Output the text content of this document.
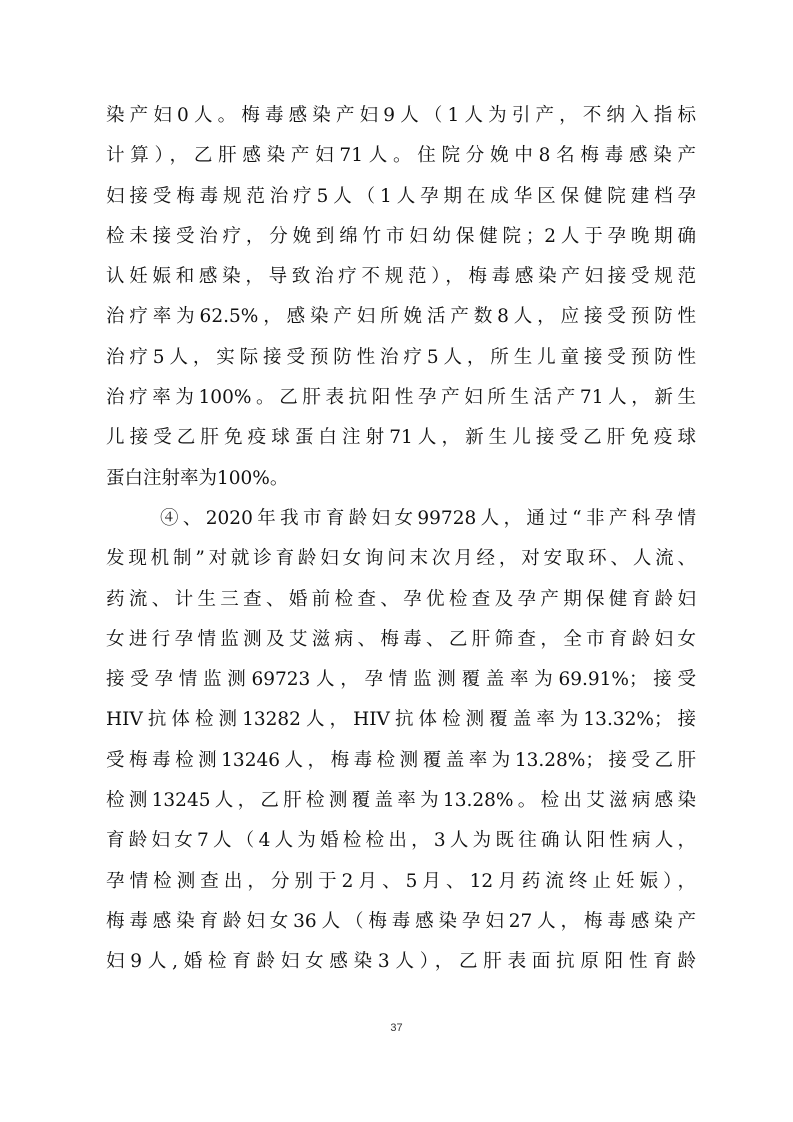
染产妇0人。梅毒感染产妇9人（1人为引产，不纳入指标
计算），乙肝感染产妇71人。住院分娩中8名梅毒感染产
妇接受梅毒规范治疗5人（1人孕期在成华区保健院建档孕
检未接受治疗，分娩到绵竹市妇幼保健院；2人于孕晚期确
认妊娠和感染，导致治疗不规范），梅毒感染产妇接受规范
治疗率为62.5%，感染产妇所娩活产数8人，应接受预防性
治疗5人，实际接受预防性治疗5人，所生儿童接受预防性
治疗率为100%。乙肝表抗阳性孕产妇所生活产71人，新生
儿接受乙肝免疫球蛋白注射71人，新生儿接受乙肝免疫球
蛋白注射率为100%。
④、2020年我市育龄妇女99728人，通过“非产科孕情
发现机制”对就诊育龄妇女询问末次月经，对安取环、人流、
药流、计生三查、婚前检查、孕优检查及孕产期保健育龄妇
女进行孕情监测及艾滋病、梅毒、乙肝筛查，全市育龄妇女
接受孕情监测69723人，孕情监测覆盖率为69.91%；接受
HIV抗体检测13282人，HIV抗体检测覆盖率为13.32%；接
受梅毒检测13246人，梅毒检测覆盖率为13.28%；接受乙肝
检测13245人，乙肝检测覆盖率为13.28%。检出艾滋病感染
育龄妇女7人（4人为婚检检出，3人为既往确认阳性病人，
孕情检测查出，分别于2月、5月、12月药流终止妊娠），
梅毒感染育龄妇女36人（梅毒感染孕妇27人，梅毒感染产
妇9人,婚检育龄妇女感染3人），乙肝表面抗原阳性育龄
37
